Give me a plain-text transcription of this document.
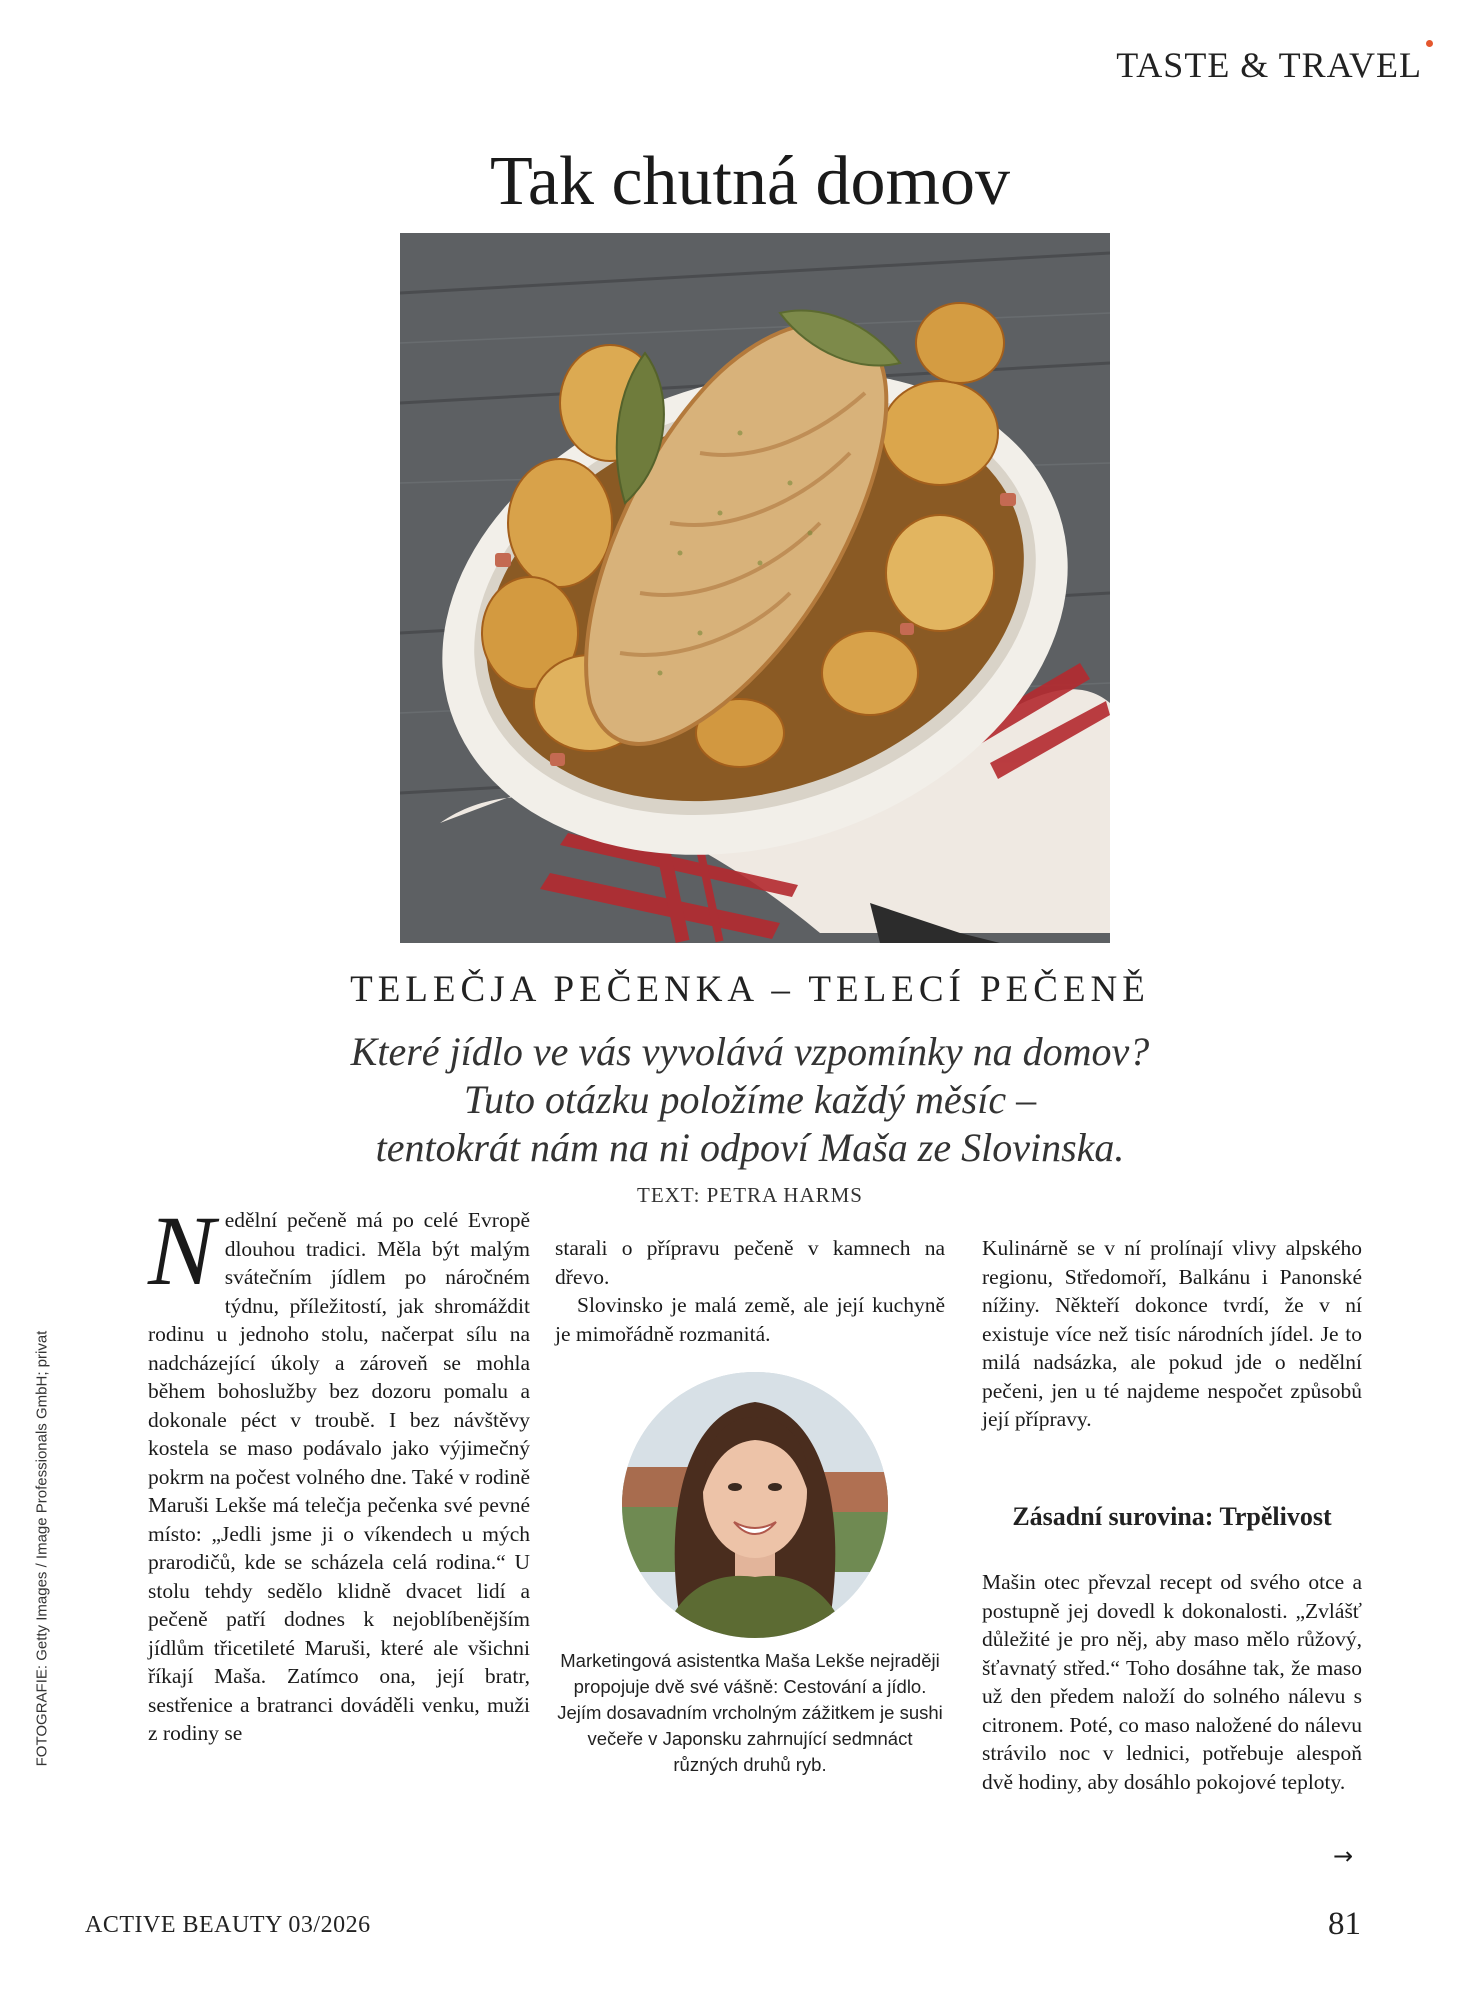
TASTE & TRAVEL
Tak chutná domov
TELEČJA PEČENKA – TELECÍ PEČENĚ
Které jídlo ve vás vyvolává vzpomínky na domov?
Tuto otázku položíme každý měsíc –
tentokrát nám na ni odpoví Maša ze Slovinska.
TEXT: PETRA HARMS

N edělní pečeně má po celé Evropě dlouhou tradici. Měla být malým svátečním jídlem po náročném týdnu, příležitostí, jak shromáždit rodinu u jednoho stolu, načerpat sílu na nadcházející úkoly a zároveň se mohla během bohoslužby bez dozoru pomalu a dokonale péct v troubě. I bez návštěvy kostela se maso podávalo jako výjimečný pokrm na počest volného dne. Také v rodině Maruši Lekše má telečja pečenka své pevné místo: „Jedli jsme ji o víkendech u mých prarodičů, kde se scházela celá rodina.“ U stolu tehdy sedělo klidně dvacet lidí a pečeně patří dodnes k nejoblíbenějším jídlům třicetileté Maruši, které ale všichni říkají Maša. Zatímco ona, její bratr, sestřenice a bratranci dováděli venku, muži z rodiny se

starali o přípravu pečeně v kamnech na dřevo.

Slovinsko je malá země, ale její kuchyně je mimořádně rozmanitá.

Marketingová asistentka Maša Lekše nejraději propojuje dvě své vášně: Cestování a jídlo. Jejím dosavadním vrcholným zážitkem je sushi večeře v Japonsku zahrnující sedmnáct různých druhů ryb.

Kulinárně se v ní prolínají vlivy alpského regionu, Středomoří, Balkánu i Panonské nížiny. Někteří dokonce tvrdí, že v ní existuje více než tisíc národních jídel. Je to milá nadsázka, ale pokud jde o nedělní pečeni, jen u té najdeme nespočet způsobů její přípravy.

Zásadní surovina: Trpělivost

Mašin otec převzal recept od svého otce a postupně jej dovedl k dokonalosti. „Zvlášť důležité je pro něj, aby maso mělo růžový, šťavnatý střed.“ Toho dosáhne tak, že maso už den předem naloží do solného nálevu s citronem. Poté, co maso naložené do nálevu strávilo noc v lednici, potřebuje alespoň dvě hodiny, aby dosáhlo pokojové teploty.

→
FOTOGRAFIE: Getty Images / Image Professionals GmbH; privat
ACTIVE BEAUTY 03/2026	81
